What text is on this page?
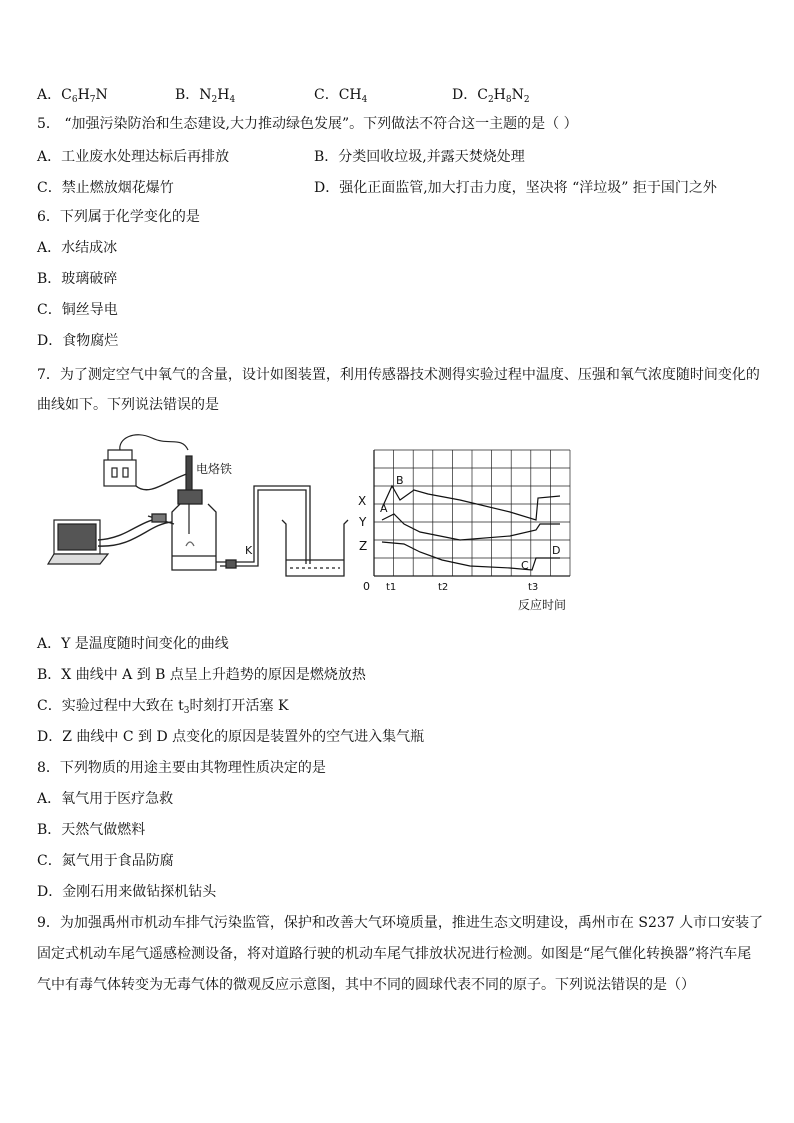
A．$C_6H_7N$	B．$N_2H_4$	C．$CH_4$	D．$C_2H_8N_2$
5． “加强污染防治和生态建设,大力推动绿色发展”。下列做法不符合这一主题的是（ ）
A．工业废水处理达标后再排放	B．分类回收垃圾,并露天焚烧处理
C．禁止燃放烟花爆竹	D．强化正面监管,加大打击力度，坚决将 “洋垃圾” 拒于国门之外
6．下列属于化学变化的是
A．水结成冰
B．玻璃破碎
C．铜丝导电
D．食物腐烂
7．为了测定空气中氧气的含量，设计如图装置，利用传感器技术测得实验过程中温度、压强和氧气浓度随时间变化的
曲线如下。下列说法错误的是
电烙铁
K
X
Y
Z
A
B
C
D
0 t1	t2	t3
反应时间
A．Y 是温度随时间变化的曲线
B．X 曲线中 A 到 B 点呈上升趋势的原因是燃烧放热
C．实验过程中大致在 $t_3$时刻打开活塞 K
D．Z 曲线中 C 到 D 点变化的原因是装置外的空气进入集气瓶
8．下列物质的用途主要由其物理性质决定的是
A．氧气用于医疗急救
B．天然气做燃料
C．氮气用于食品防腐
D．金刚石用来做钻探机钻头
9．为加强禹州市机动车排气污染监管，保护和改善大气环境质量，推进生态文明建设，禹州市在 S237 人市口安装了
固定式机动车尾气遥感检测设备，将对道路行驶的机动车尾气排放状况进行检测。如图是“尾气催化转换器”将汽车尾
气中有毒气体转变为无毒气体的微观反应示意图，其中不同的圆球代表不同的原子。下列说法错误的是（）
